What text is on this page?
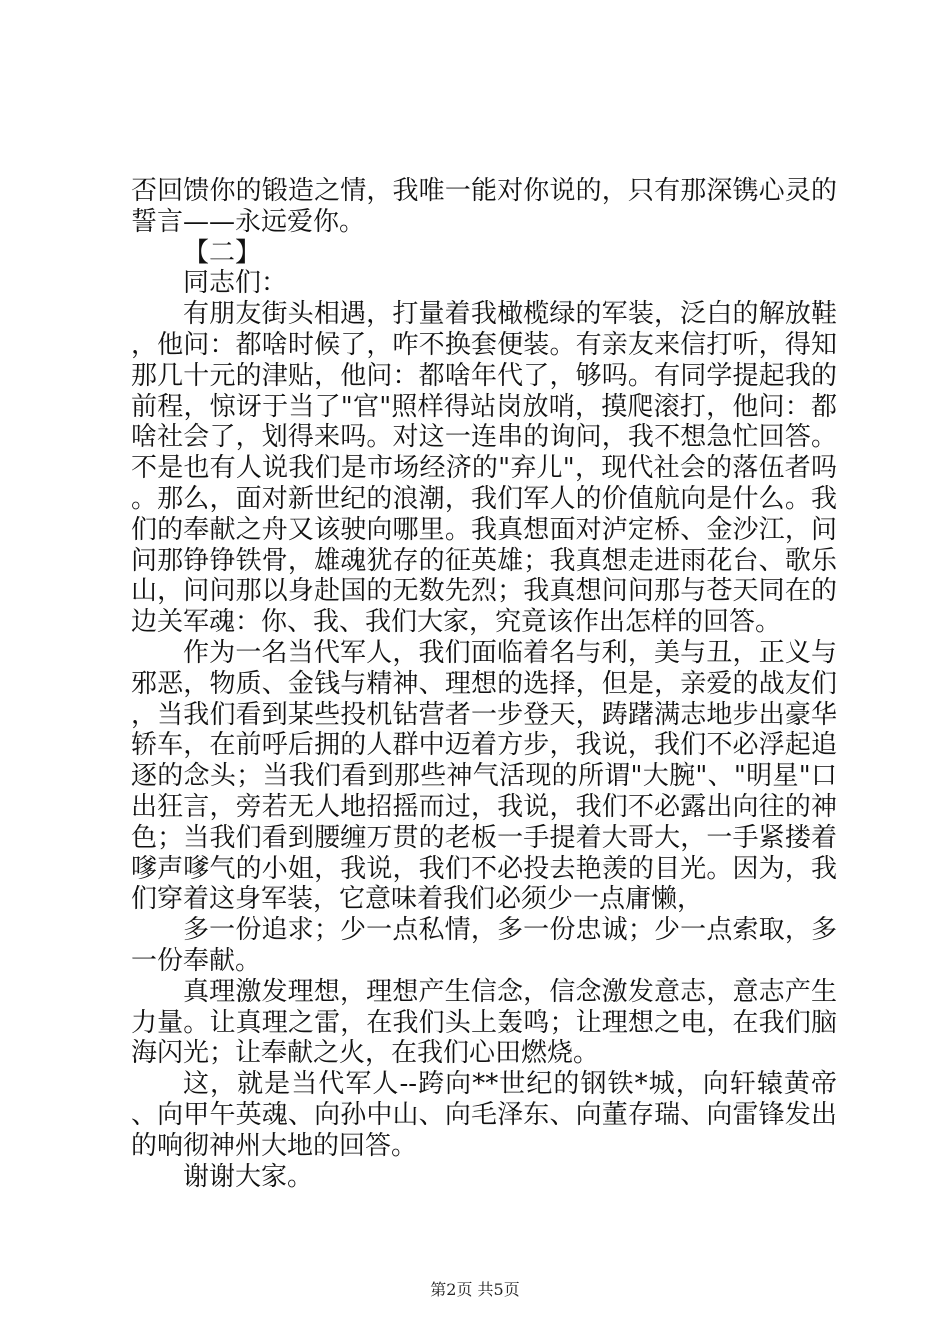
否回馈你的锻造之情，我唯一能对你说的，只有那深镌心灵的誓言——永远爱你。

【二】

同志们：

有朋友街头相遇，打量着我橄榄绿的军装，泛白的解放鞋，他问：都啥时候了，咋不换套便装。有亲友来信打听，得知那几十元的津贴，他问：都啥年代了，够吗。有同学提起我的前程，惊讶于当了"官"照样得站岗放哨，摸爬滚打，他问：都啥社会了，划得来吗。对这一连串的询问，我不想急忙回答。不是也有人说我们是市场经济的"弃儿"，现代社会的落伍者吗。那么，面对新世纪的浪潮，我们军人的价值航向是什么。我们的奉献之舟又该驶向哪里。我真想面对泸定桥、金沙江，问问那铮铮铁骨，雄魂犹存的征英雄；我真想走进雨花台、歌乐山，问问那以身赴国的无数先烈；我真想问问那与苍天同在的边关军魂：你、我、我们大家，究竟该作出怎样的回答。

作为一名当代军人，我们面临着名与利，美与丑，正义与邪恶，物质、金钱与精神、理想的选择，但是，亲爱的战友们，当我们看到某些投机钻营者一步登天，踌躇满志地步出豪华轿车，在前呼后拥的人群中迈着方步，我说，我们不必浮起追逐的念头；当我们看到那些神气活现的所谓"大腕"、"明星"口出狂言，旁若无人地招摇而过，我说，我们不必露出向往的神色；当我们看到腰缠万贯的老板一手提着大哥大，一手紧搂着嗲声嗲气的小姐，我说，我们不必投去艳羡的目光。因为，我们穿着这身军装，它意味着我们必须少一点庸懒，

多一份追求；少一点私情，多一份忠诚；少一点索取，多一份奉献。

真理激发理想，理想产生信念，信念激发意志，意志产生力量。让真理之雷，在我们头上轰鸣；让理想之电，在我们脑海闪光；让奉献之火，在我们心田燃烧。

这，就是当代军人--跨向**世纪的钢铁*城，向轩辕黄帝、向甲午英魂、向孙中山、向毛泽东、向董存瑞、向雷锋发出的响彻神州大地的回答。

谢谢大家。

第2页 共5页
